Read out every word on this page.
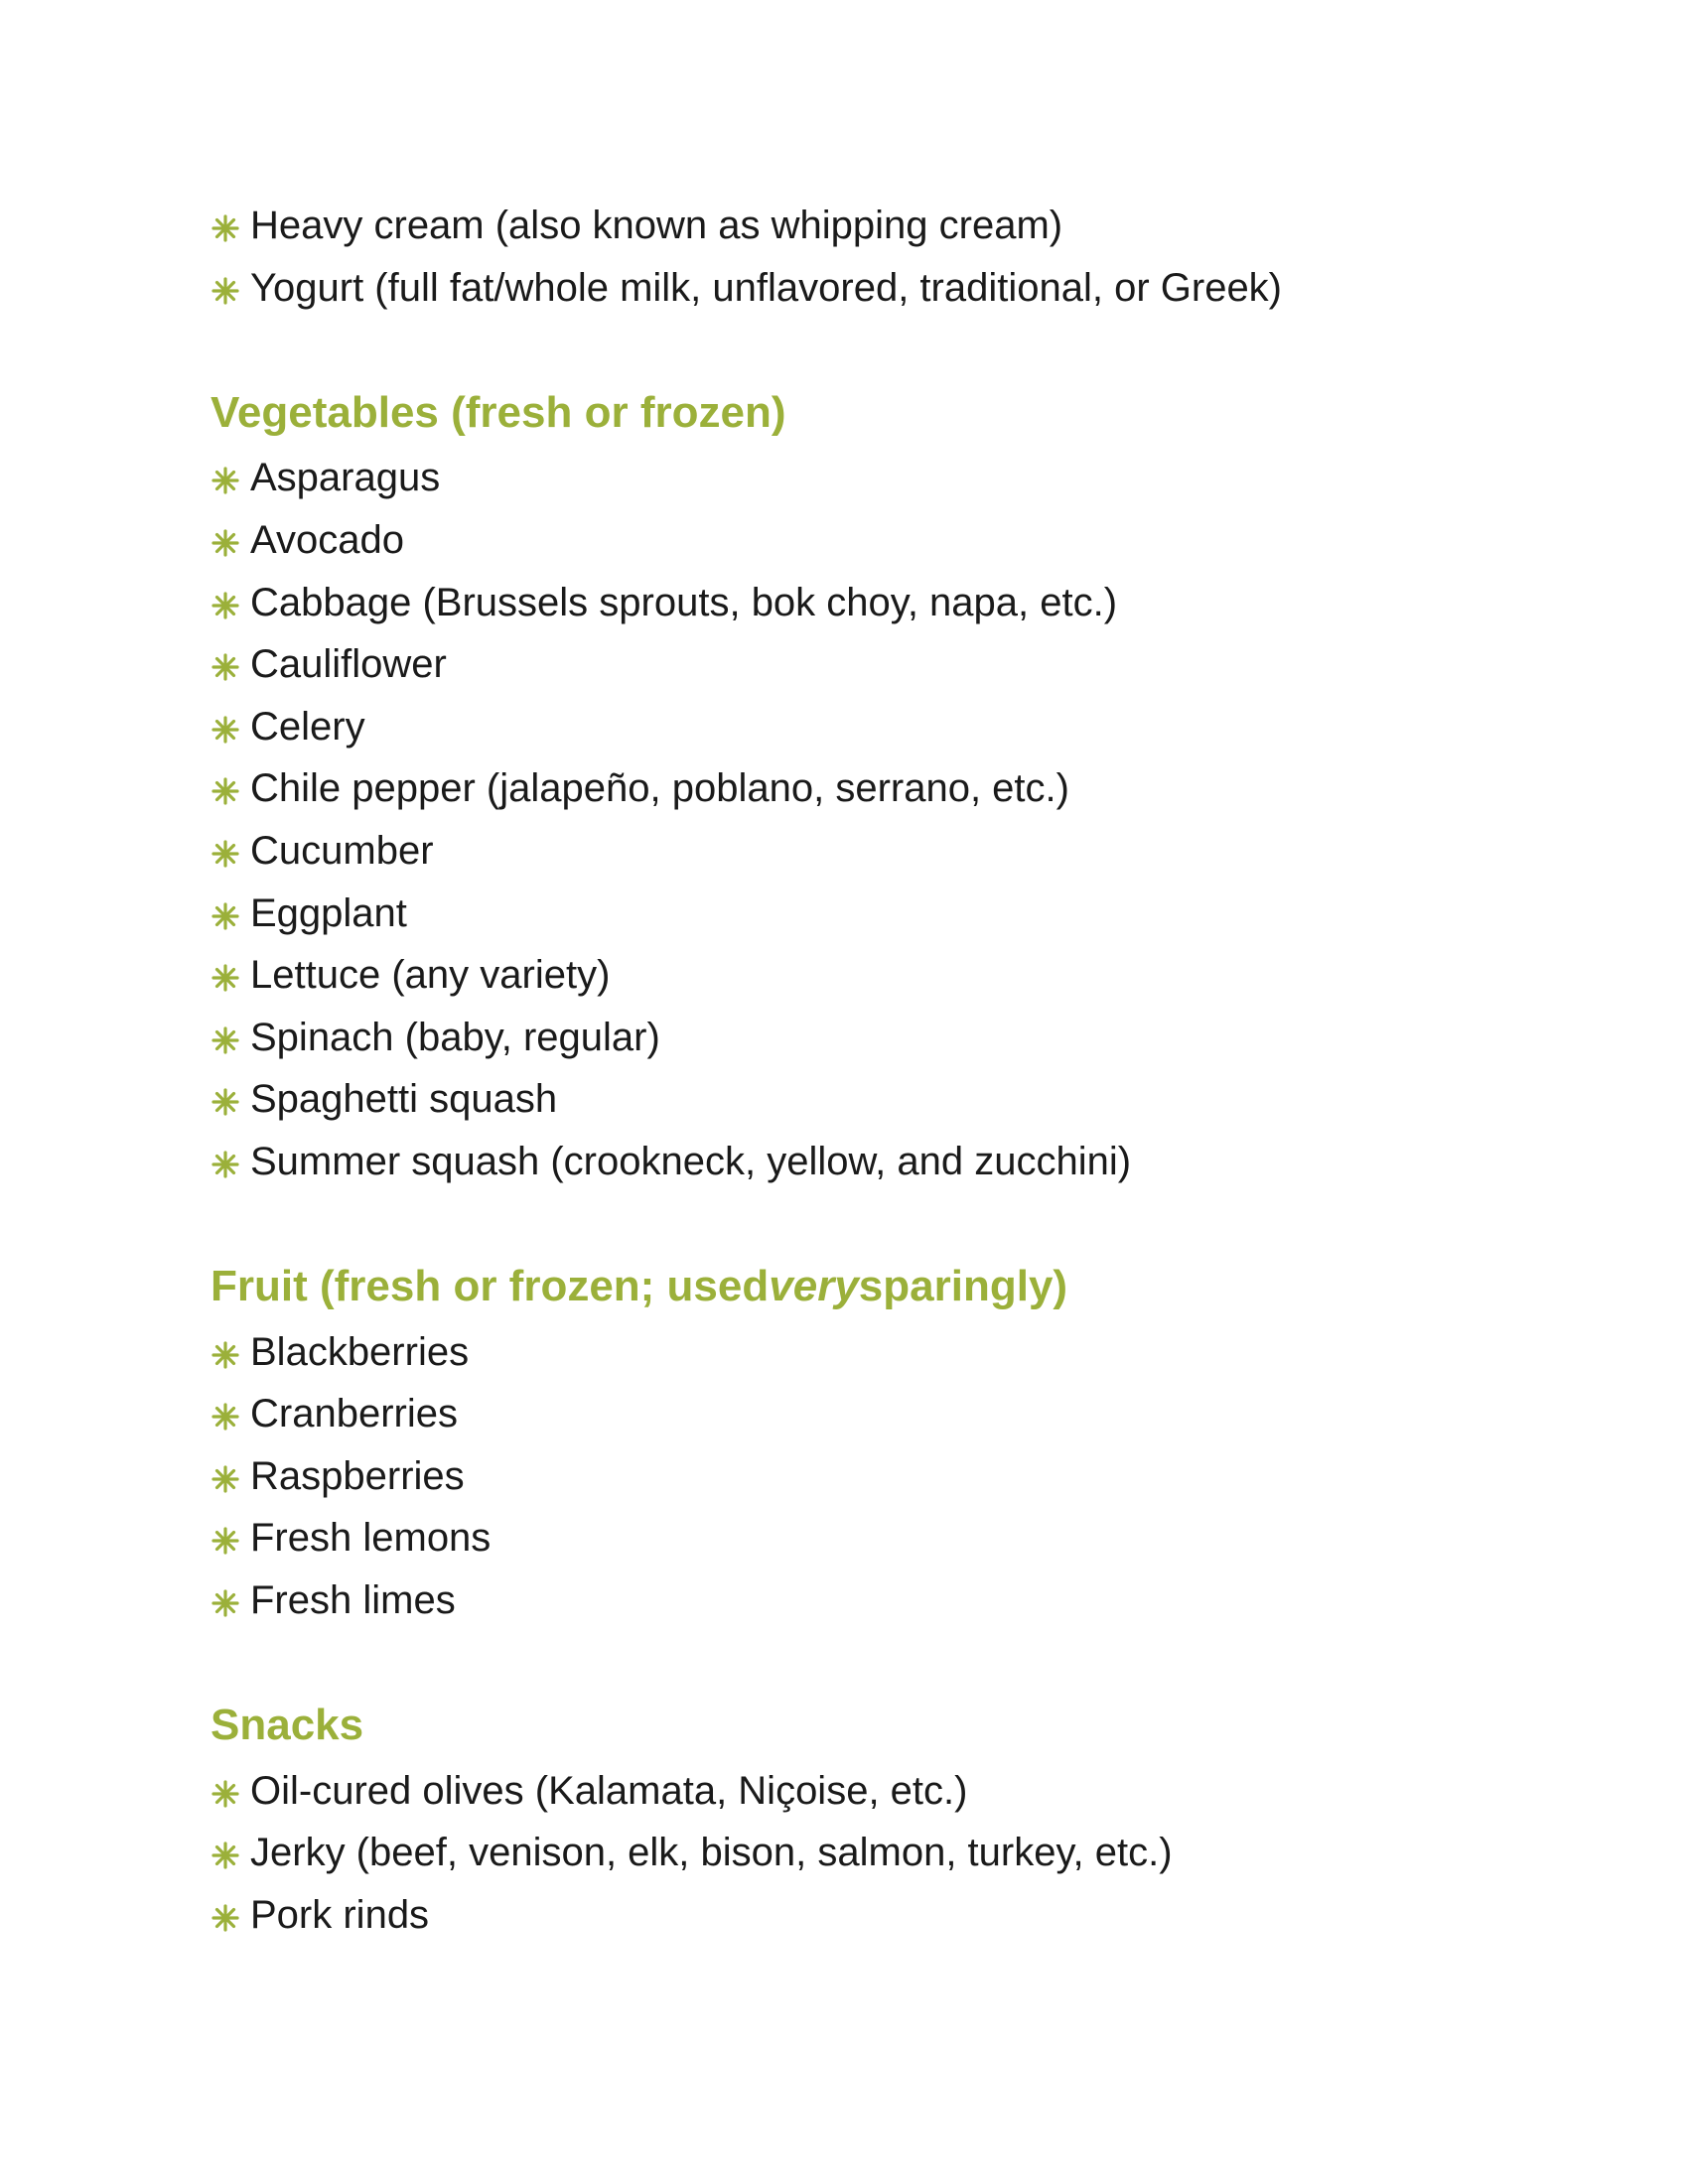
Heavy cream (also known as whipping cream)
Yogurt (full fat/whole milk, unflavored, traditional, or Greek)
Vegetables (fresh or frozen)
Asparagus
Avocado
Cabbage (Brussels sprouts, bok choy, napa, etc.)
Cauliflower
Celery
Chile pepper (jalapeño, poblano, serrano, etc.)
Cucumber
Eggplant
Lettuce (any variety)
Spinach (baby, regular)
Spaghetti squash
Summer squash (crookneck, yellow, and zucchini)
Fruit (fresh or frozen; used very sparingly)
Blackberries
Cranberries
Raspberries
Fresh lemons
Fresh limes
Snacks
Oil-cured olives (Kalamata, Niçoise, etc.)
Jerky (beef, venison, elk, bison, salmon, turkey, etc.)
Pork rinds
